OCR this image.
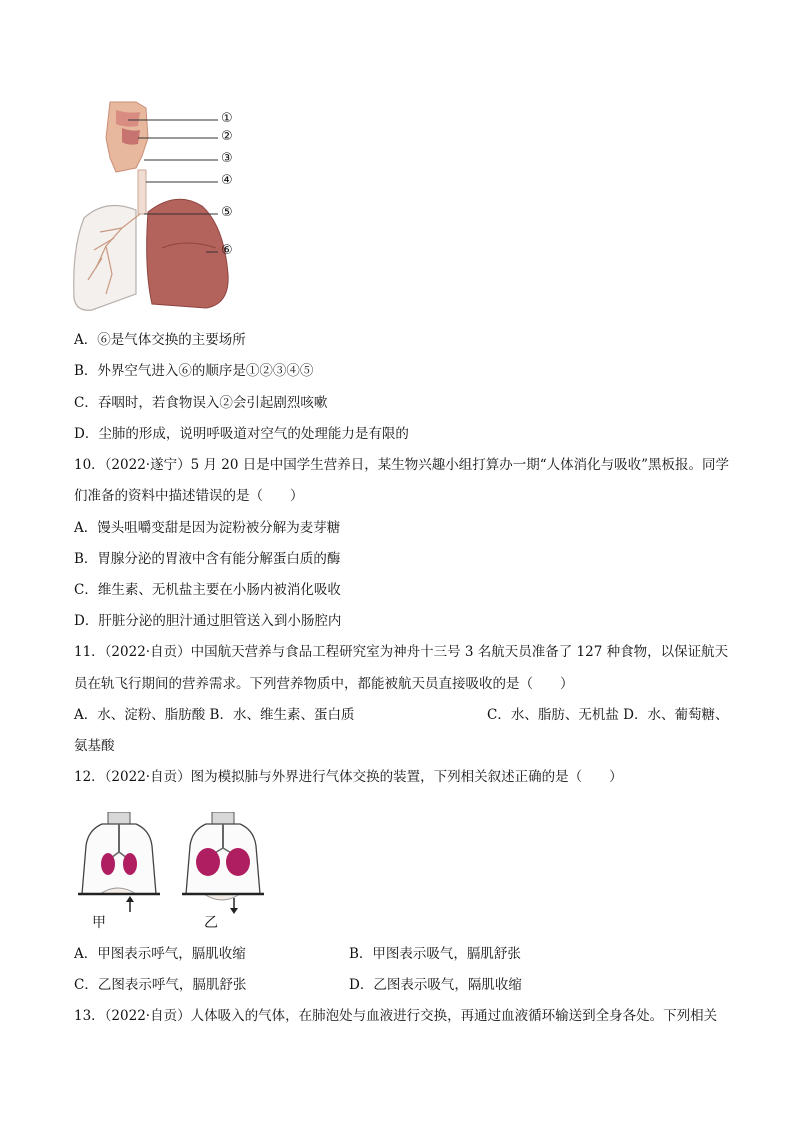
①
②
③
④
⑤
⑥
A．⑥是气体交换的主要场所
B．外界空气进入⑥的顺序是①②③④⑤
C．吞咽时，若食物误入②会引起剧烈咳嗽
D．尘肺的形成，说明呼吸道对空气的处理能力是有限的
10．（2022·遂宁）5 月 20 日是中国学生营养日，某生物兴趣小组打算办一期“人体消化与吸收”黑板报。同学
们准备的资料中描述错误的是（　　）
A．馒头咀嚼变甜是因为淀粉被分解为麦芽糖
B．胃腺分泌的胃液中含有能分解蛋白质的酶
C．维生素、无机盐主要在小肠内被消化吸收
D．肝脏分泌的胆汁通过胆管送入到小肠腔内
11．（2022·自贡）中国航天营养与食品工程研究室为神舟十三号 3 名航天员准备了 127 种食物，以保证航天
员在轨飞行期间的营养需求。下列营养物质中，都能被航天员直接吸收的是（　　）
A．水、淀粉、脂肪酸 B．水、维生素、蛋白质	C．水、脂肪、无机盐 D．水、葡萄糖、
氨基酸
12．（2022·自贡）图为模拟肺与外界进行气体交换的装置，下列相关叙述正确的是（　　）
甲	乙
A．甲图表示呼气，膈肌收缩	B．甲图表示吸气，膈肌舒张
C．乙图表示呼气，膈肌舒张	D．乙图表示吸气，隔肌收缩
13．（2022·自贡）人体吸入的气体，在肺泡处与血液进行交换，再通过血液循环输送到全身各处。下列相关
